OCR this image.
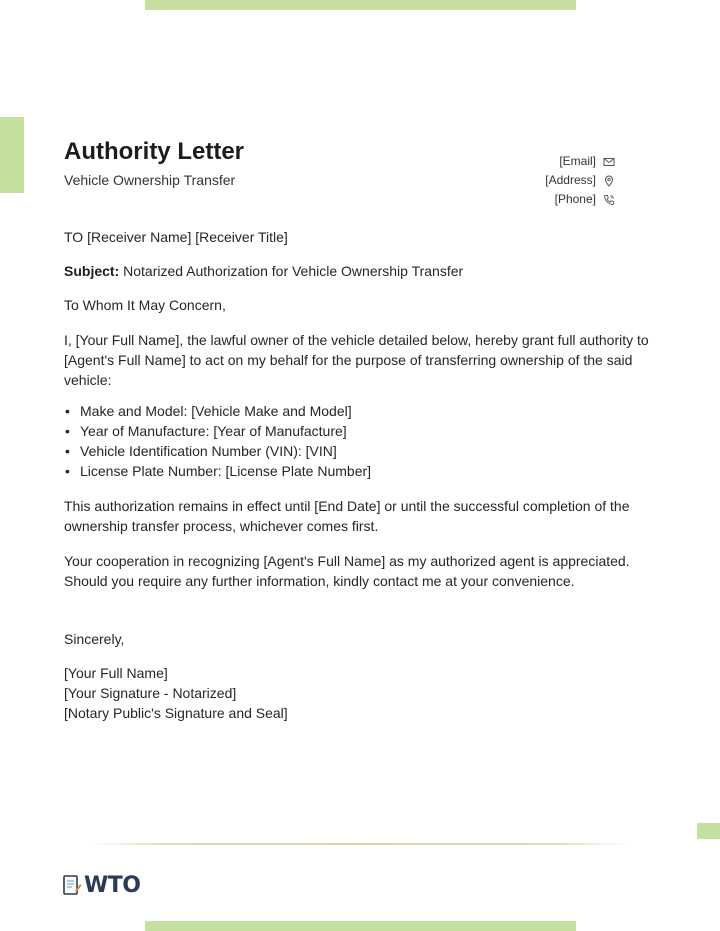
Authority Letter
Vehicle Ownership Transfer
[Email]
[Address]
[Phone]
TO [Receiver Name] [Receiver Title]
Subject: Notarized Authorization for Vehicle Ownership Transfer
To Whom It May Concern,
I, [Your Full Name], the lawful owner of the vehicle detailed below, hereby grant full authority to [Agent's Full Name] to act on my behalf for the purpose of transferring ownership of the said vehicle:
• Make and Model: [Vehicle Make and Model]
• Year of Manufacture: [Year of Manufacture]
• Vehicle Identification Number (VIN): [VIN]
• License Plate Number: [License Plate Number]
This authorization remains in effect until [End Date] or until the successful completion of the ownership transfer process, whichever comes first.
Your cooperation in recognizing [Agent's Full Name] as my authorized agent is appreciated. Should you require any further information, kindly contact me at your convenience.
Sincerely,
[Your Full Name]
[Your Signature - Notarized]
[Notary Public's Signature and Seal]
WTO
